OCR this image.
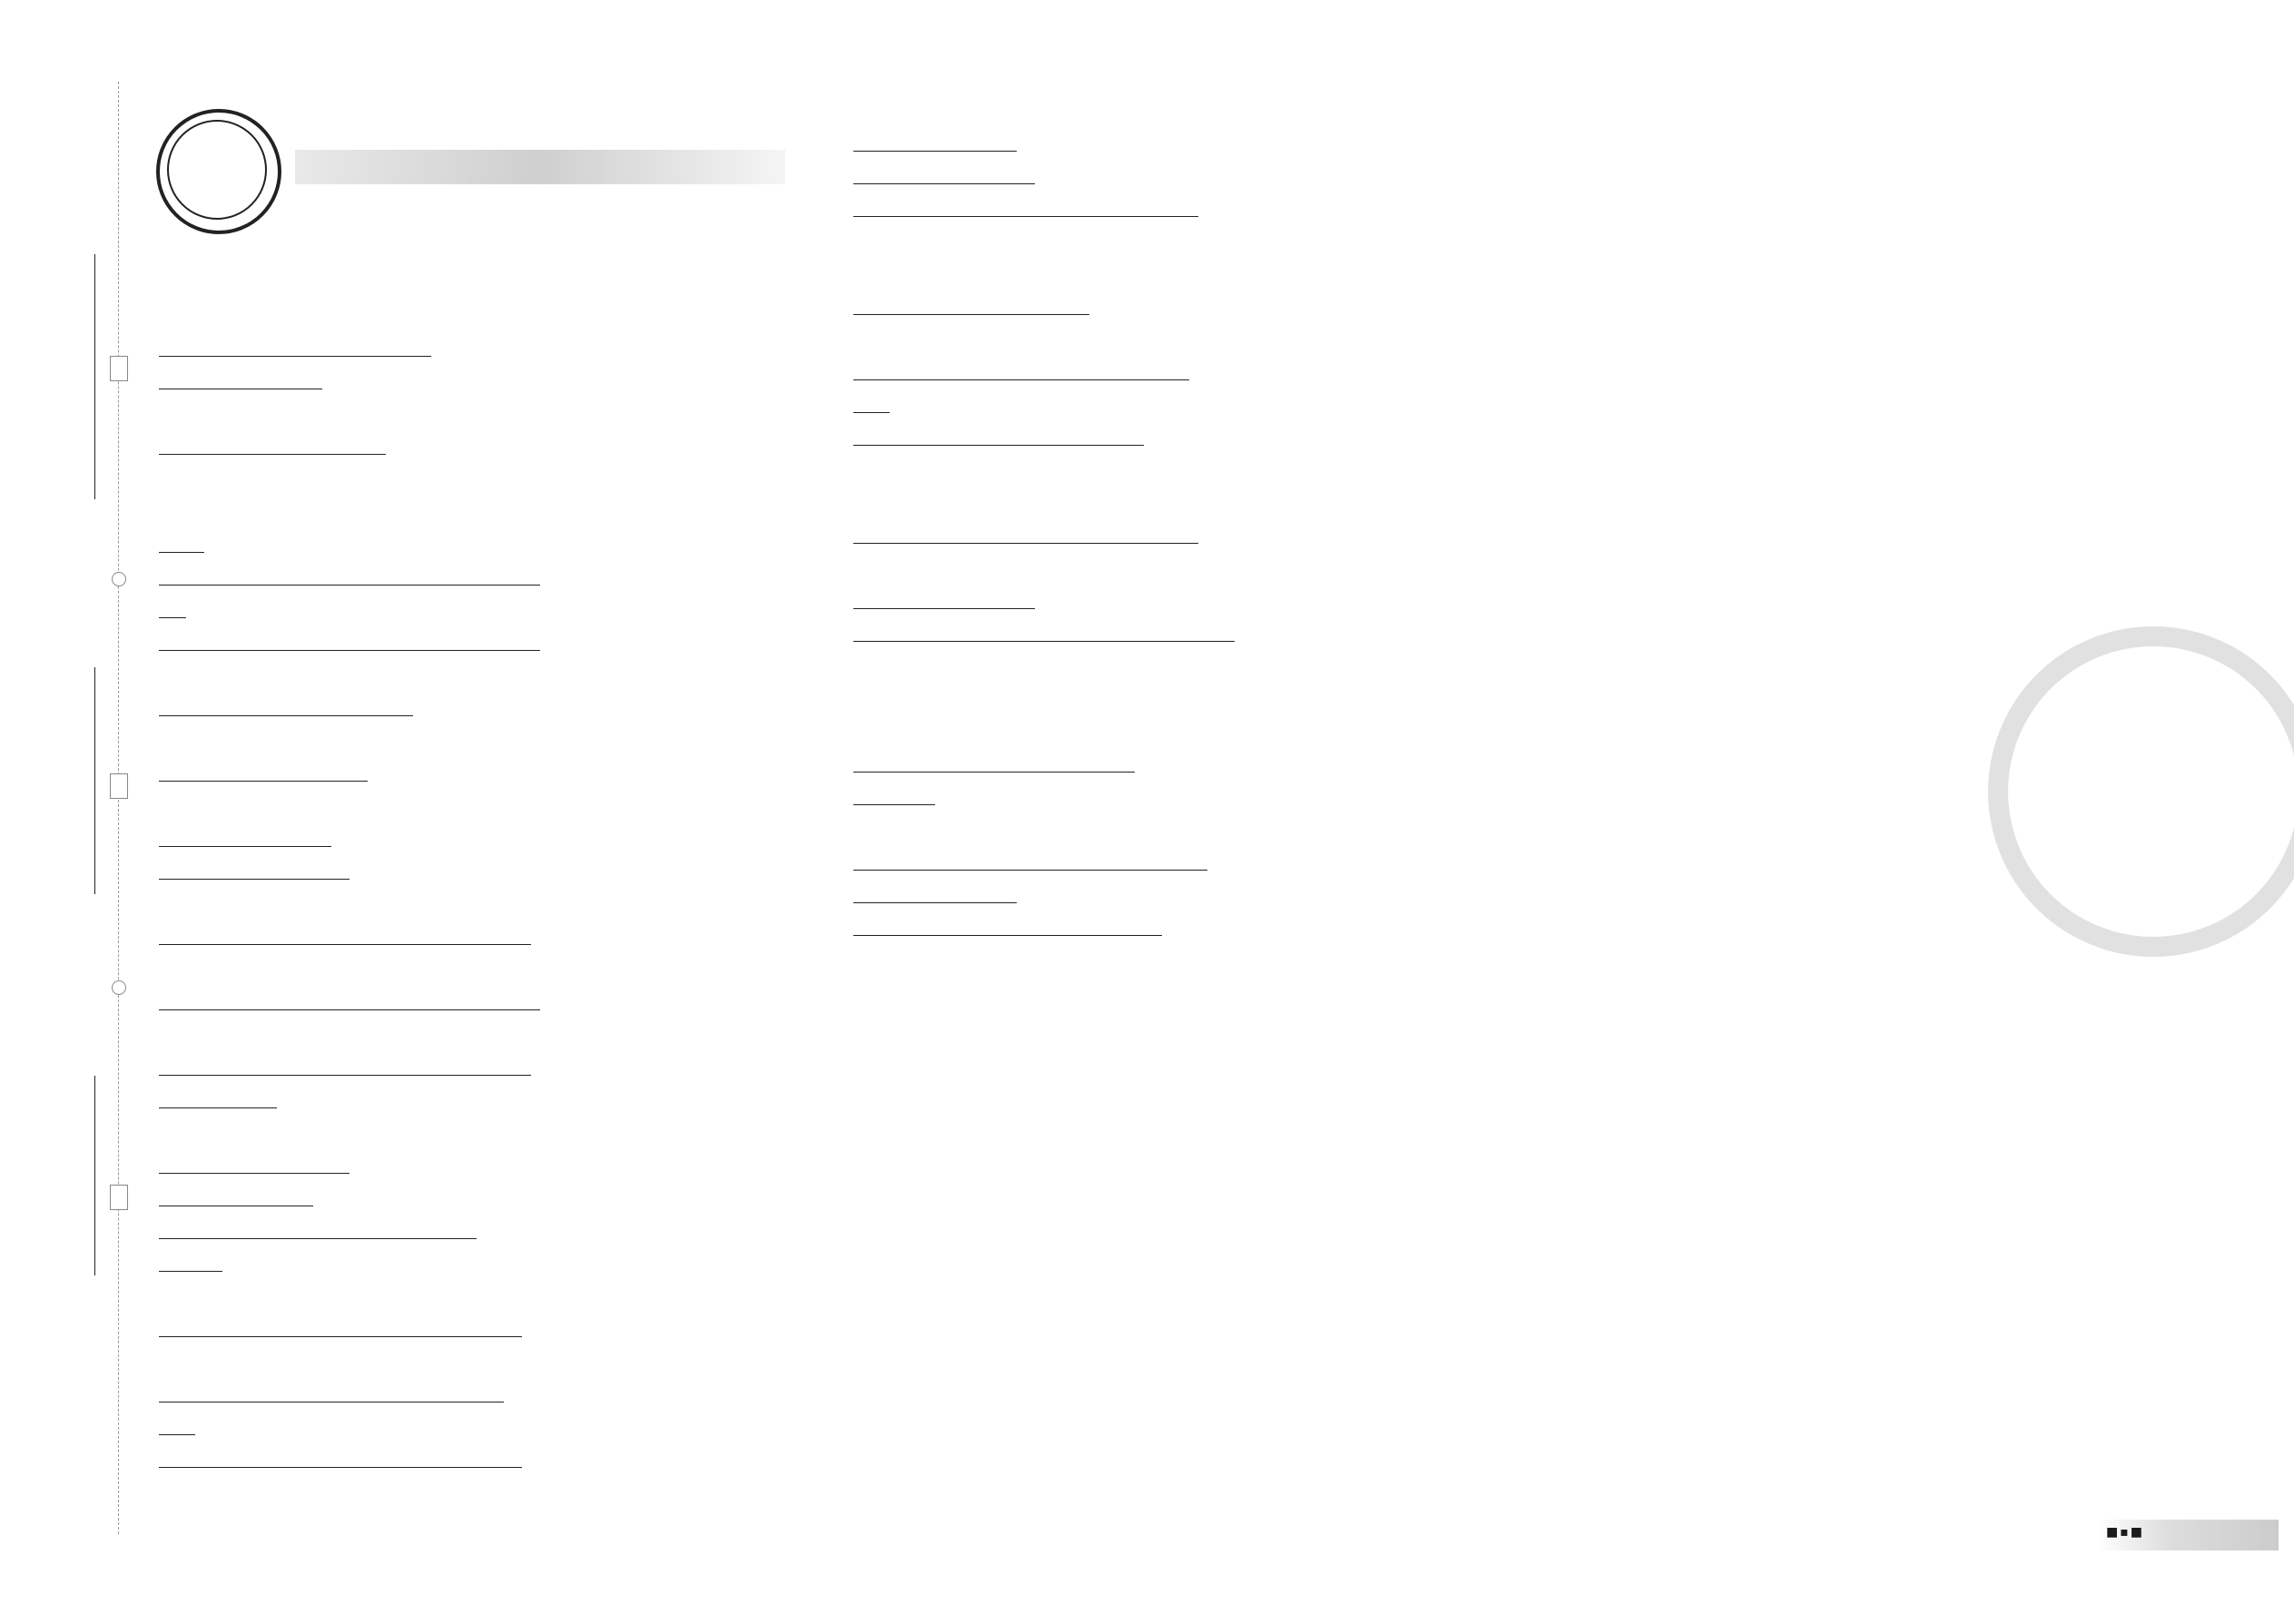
■▪■
